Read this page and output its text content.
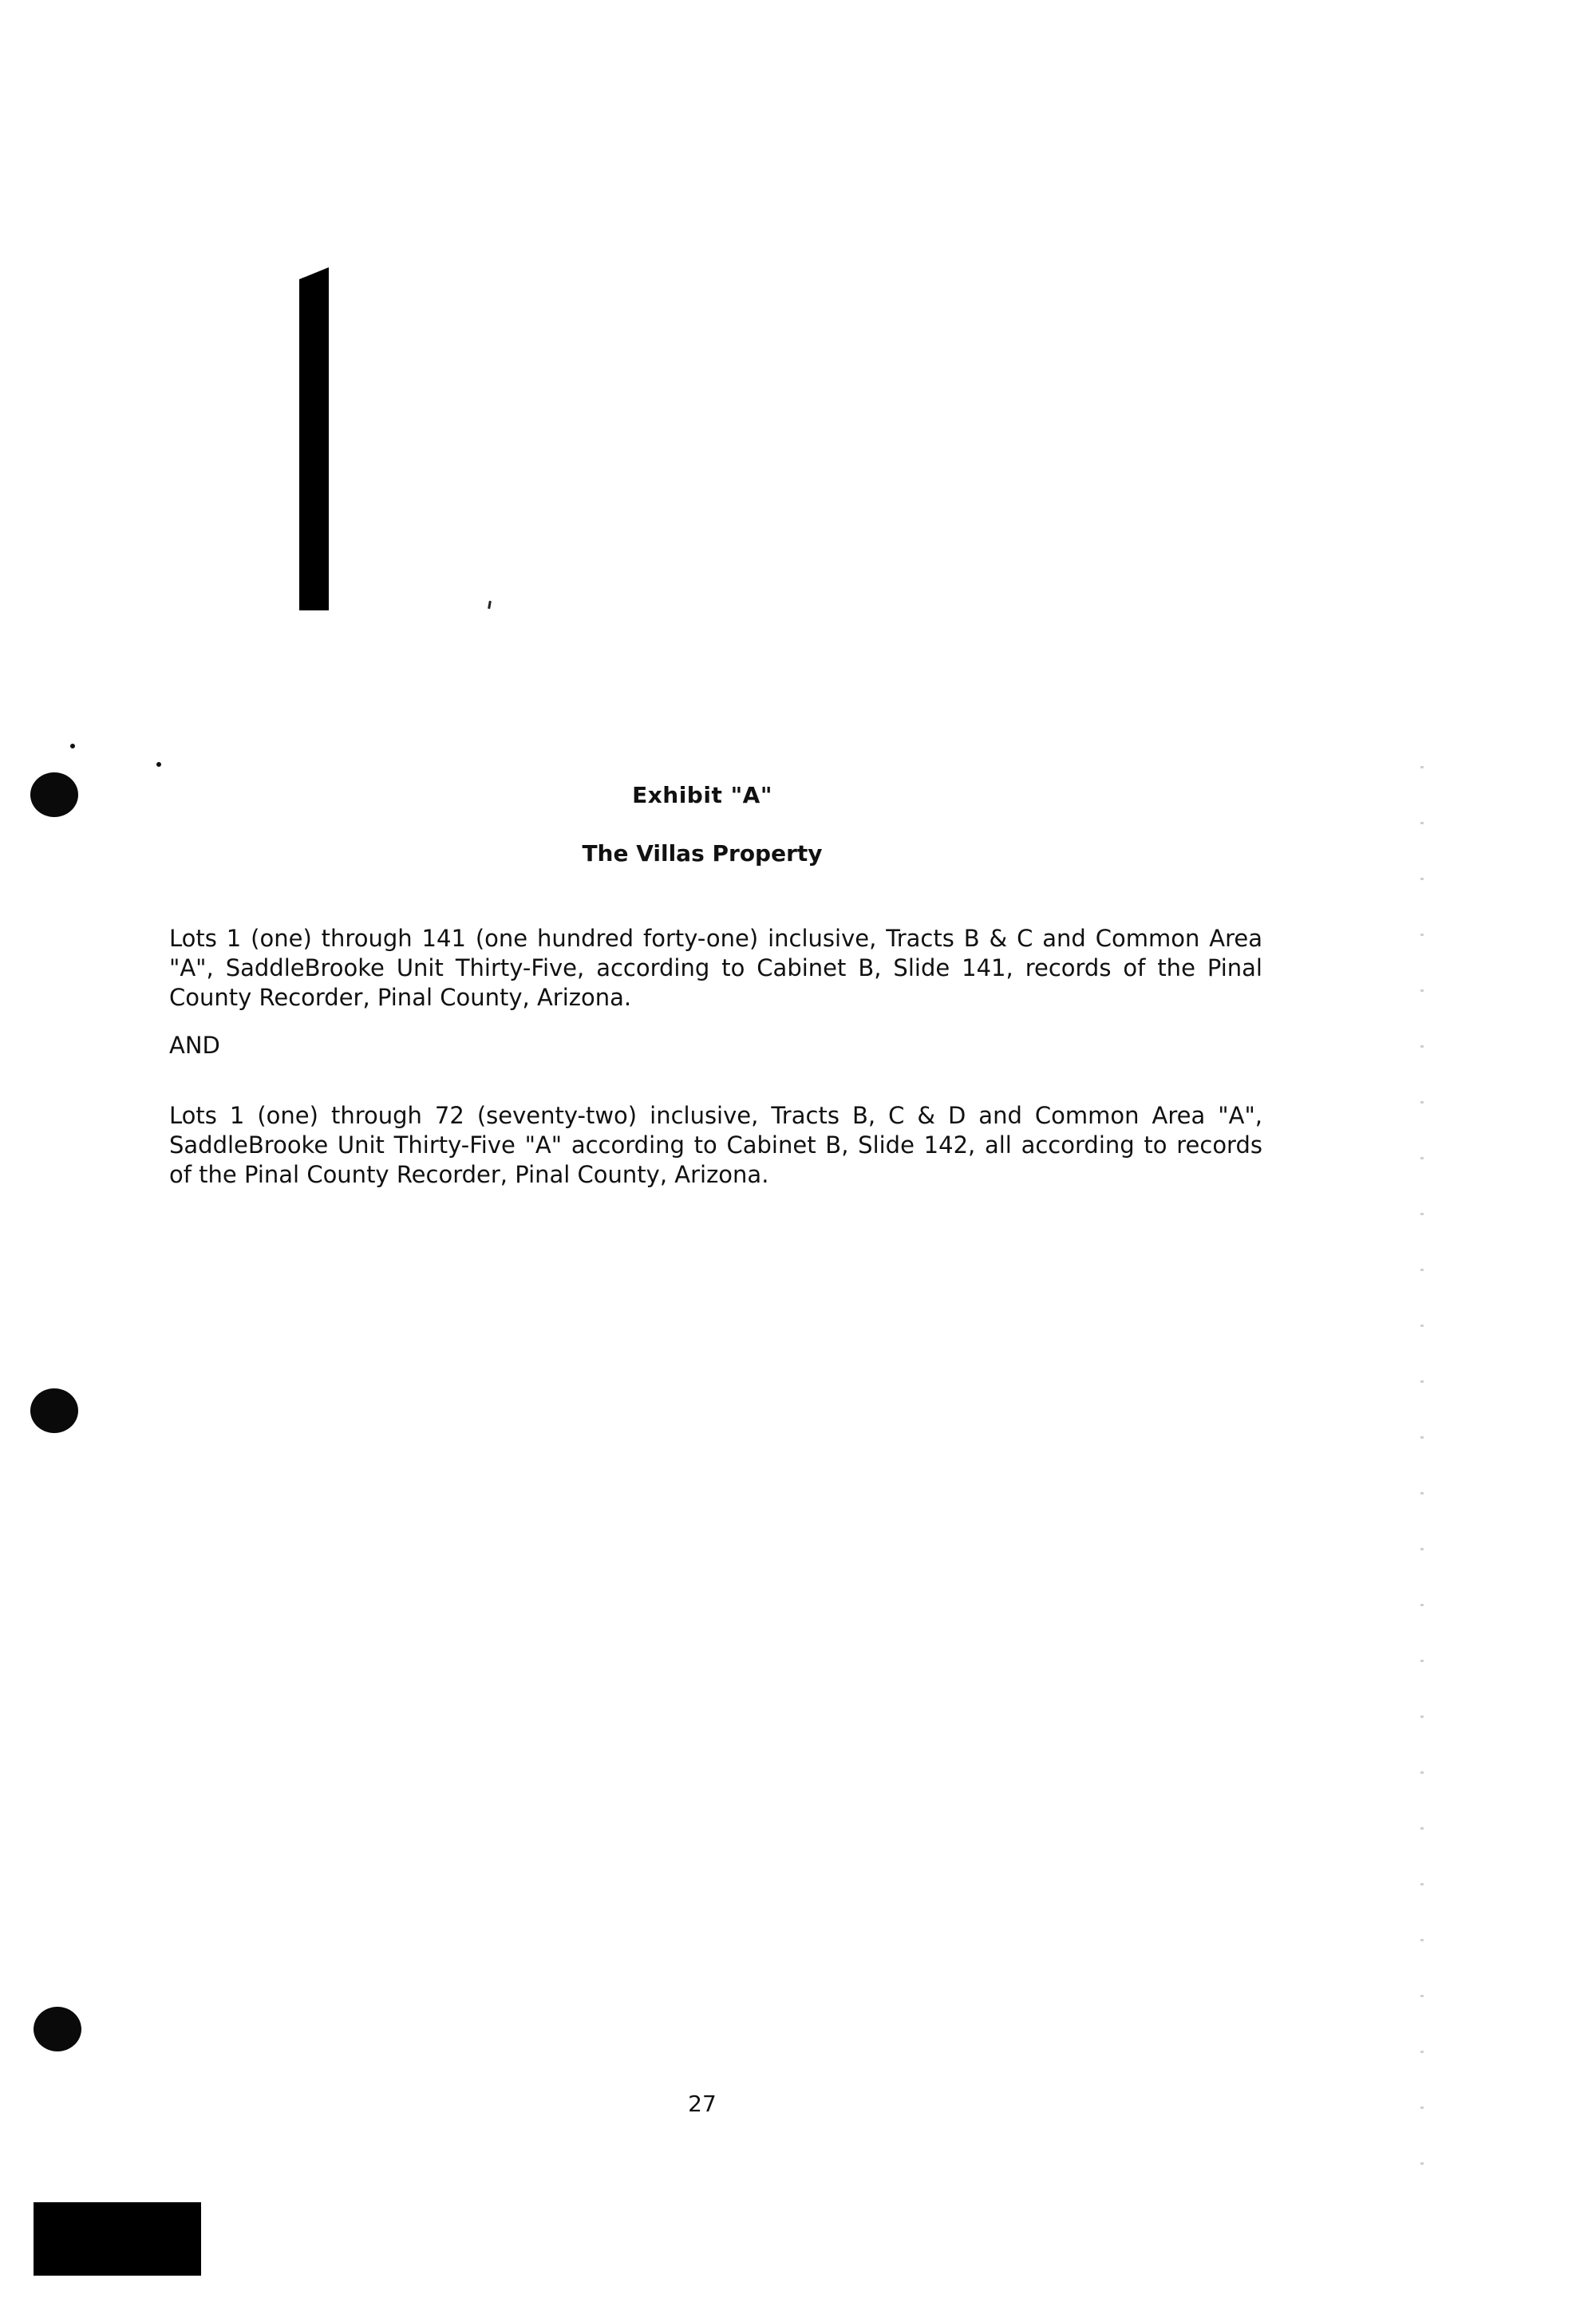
Exhibit "A"
The Villas Property
Lots 1 (one) through 141 (one hundred forty-one) inclusive, Tracts B & C and Common Area "A", SaddleBrooke Unit Thirty-Five, according to Cabinet B, Slide 141, records of the Pinal County Recorder, Pinal County, Arizona.
AND
Lots 1 (one) through 72 (seventy-two) inclusive, Tracts B, C & D and Common Area "A", SaddleBrooke Unit Thirty-Five "A" according to Cabinet B, Slide 142, all according to records of the Pinal County Recorder, Pinal County, Arizona.
27
